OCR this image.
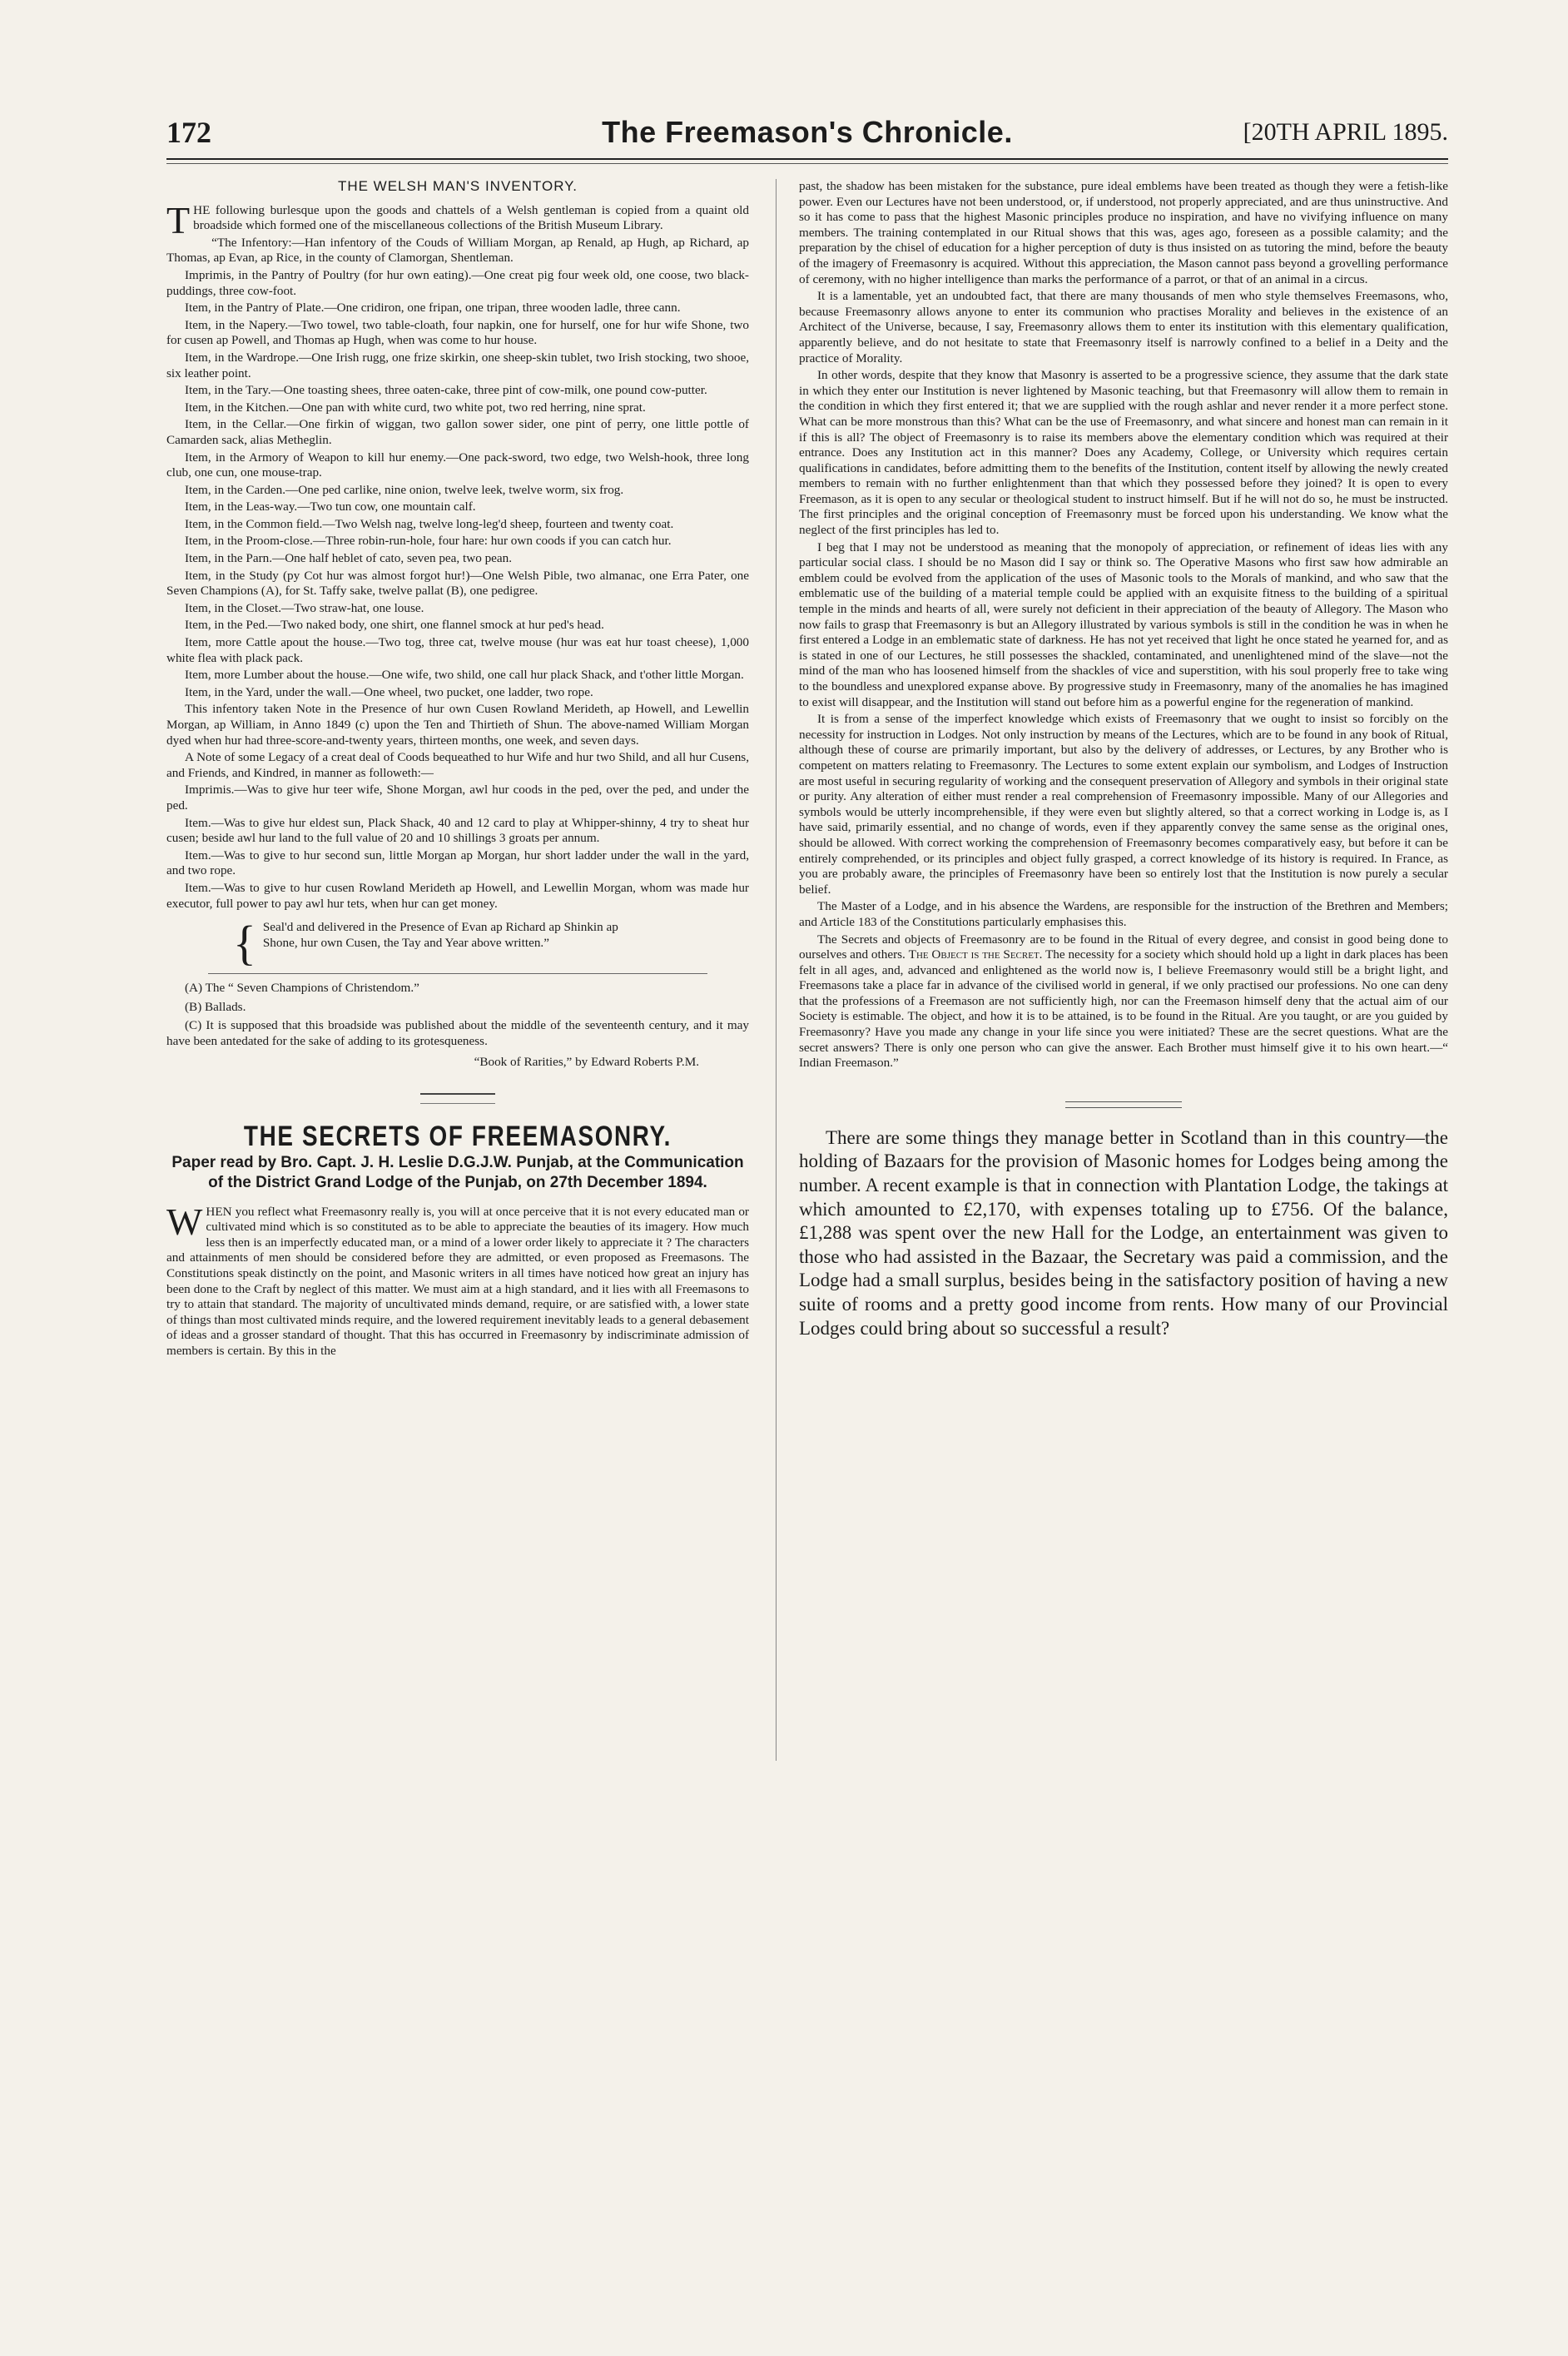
172	The Freemason's Chronicle.	[20TH APRIL 1895.
THE WELSH MAN'S INVENTORY.

THE following burlesque upon the goods and chattels of a Welsh gentleman is copied from a quaint old broadside which formed one of the miscellaneous collections of the British Museum Library.

“The Infentory:—Han infentory of the Couds of William Morgan, ap Renald, ap Hugh, ap Richard, ap Thomas, ap Evan, ap Rice, in the county of Clamorgan, Shentleman.

Imprimis, in the Pantry of Poultry (for hur own eating).—One creat pig four week old, one coose, two black-puddings, three cow-foot.

Item, in the Pantry of Plate.—One cridiron, one fripan, one tripan, three wooden ladle, three cann.

Item, in the Napery.—Two towel, two table-cloath, four napkin, one for hurself, one for hur wife Shone, two for cusen ap Powell, and Thomas ap Hugh, when was come to hur house.

Item, in the Wardrope.—One Irish rugg, one frize skirkin, one sheep-skin tublet, two Irish stocking, two shooe, six leather point.

Item, in the Tary.—One toasting shees, three oaten-cake, three pint of cow-milk, one pound cow-putter.

Item, in the Kitchen.—One pan with white curd, two white pot, two red herring, nine sprat.

Item, in the Cellar.—One firkin of wiggan, two gallon sower sider, one pint of perry, one little pottle of Camarden sack, alias Metheglin.

Item, in the Armory of Weapon to kill hur enemy.—One pack-sword, two edge, two Welsh-hook, three long club, one cun, one mouse-trap.

Item, in the Carden.—One ped carlike, nine onion, twelve leek, twelve worm, six frog.

Item, in the Leas-way.—Two tun cow, one mountain calf.

Item, in the Common field.—Two Welsh nag, twelve long-leg'd sheep, fourteen and twenty coat.

Item, in the Proom-close.—Three robin-run-hole, four hare: hur own coods if you can catch hur.

Item, in the Parn.—One half heblet of cato, seven pea, two pean.

Item, in the Study (py Cot hur was almost forgot hur!)—One Welsh Pible, two almanac, one Erra Pater, one Seven Champions (A), for St. Taffy sake, twelve pallat (B), one pedigree.

Item, in the Closet.—Two straw-hat, one louse.

Item, in the Ped.—Two naked body, one shirt, one flannel smock at hur ped's head.

Item, more Cattle apout the house.—Two tog, three cat, twelve mouse (hur was eat hur toast cheese), 1,000 white flea with plack pack.

Item, more Lumber about the house.—One wife, two shild, one call hur plack Shack, and t'other little Morgan.

Item, in the Yard, under the wall.—One wheel, two pucket, one ladder, two rope.

This infentory taken Note in the Presence of hur own Cusen Rowland Merideth, ap Howell, and Lewellin Morgan, ap William, in Anno 1849 (c) upon the Ten and Thirtieth of Shun. The above-named William Morgan dyed when hur had three-score-and-twenty years, thirteen months, one week, and seven days.

A Note of some Legacy of a creat deal of Coods bequeathed to hur Wife and hur two Shild, and all hur Cusens, and Friends, and Kindred, in manner as followeth:—

Imprimis.—Was to give hur teer wife, Shone Morgan, awl hur coods in the ped, over the ped, and under the ped.

Item.—Was to give hur eldest sun, Plack Shack, 40 and 12 card to play at Whipper-shinny, 4 try to sheat hur cusen; beside awl hur land to the full value of 20 and 10 shillings 3 groats per annum.

Item.—Was to give to hur second sun, little Morgan ap Morgan, hur short ladder under the wall in the yard, and two rope.

Item.—Was to give to hur cusen Rowland Merideth ap Howell, and Lewellin Morgan, whom was made hur executor, full power to pay awl hur tets, when hur can get money.

{ Seal'd and delivered in the Presence of Evan ap Richard ap Shinkin ap Shone, hur own Cusen, the Tay and Year above written.”

(A) The “ Seven Champions of Christendom.”

(B) Ballads.

(C) It is supposed that this broadside was published about the middle of the seventeenth century, and it may have been antedated for the sake of adding to its grotesqueness.

“Book of Rarities,” by Edward Roberts P.M.

THE SECRETS OF FREEMASONRY.
Paper read by Bro. Capt. J. H. Leslie D.G.J.W. Punjab, at the Communication of the District Grand Lodge of the Punjab, on 27th December 1894.

WHEN you reflect what Freemasonry really is, you will at once perceive that it is not every educated man or cultivated mind which is so constituted as to be able to appreciate the beauties of its imagery. How much less then is an imperfectly educated man, or a mind of a lower order likely to appreciate it ? The characters and attainments of men should be considered before they are admitted, or even proposed as Freemasons. The Constitutions speak distinctly on the point, and Masonic writers in all times have noticed how great an injury has been done to the Craft by neglect of this matter. We must aim at a high standard, and it lies with all Freemasons to try to attain that standard. The majority of uncultivated minds demand, require, or are satisfied with, a lower state of things than most cultivated minds require, and the lowered requirement inevitably leads to a general debasement of ideas and a grosser standard of thought. That this has occurred in Freemasonry by indiscriminate admission of members is certain. By this in the

past, the shadow has been mistaken for the substance, pure ideal emblems have been treated as though they were a fetish-like power. Even our Lectures have not been understood, or, if understood, not properly appreciated, and are thus uninstructive. And so it has come to pass that the highest Masonic principles produce no inspiration, and have no vivifying influence on many members. The training contemplated in our Ritual shows that this was, ages ago, foreseen as a possible calamity; and the preparation by the chisel of education for a higher perception of duty is thus insisted on as tutoring the mind, before the beauty of the imagery of Freemasonry is acquired. Without this appreciation, the Mason cannot pass beyond a grovelling performance of ceremony, with no higher intelligence than marks the performance of a parrot, or that of an animal in a circus.

It is a lamentable, yet an undoubted fact, that there are many thousands of men who style themselves Freemasons, who, because Freemasonry allows anyone to enter its communion who practises Morality and believes in the existence of an Architect of the Universe, because, I say, Freemasonry allows them to enter its institution with this elementary qualification, apparently believe, and do not hesitate to state that Freemasonry itself is narrowly confined to a belief in a Deity and the practice of Morality.

In other words, despite that they know that Masonry is asserted to be a progressive science, they assume that the dark state in which they enter our Institution is never lightened by Masonic teaching, but that Freemasonry will allow them to remain in the condition in which they first entered it; that we are supplied with the rough ashlar and never render it a more perfect stone. What can be more monstrous than this? What can be the use of Freemasonry, and what sincere and honest man can remain in it if this is all? The object of Freemasonry is to raise its members above the elementary condition which was required at their entrance. Does any Institution act in this manner? Does any Academy, College, or University which requires certain qualifications in candidates, before admitting them to the benefits of the Institution, content itself by allowing the newly created members to remain with no further enlightenment than that which they possessed before they joined? It is open to every Freemason, as it is open to any secular or theological student to instruct himself. But if he will not do so, he must be instructed. The first principles and the original conception of Freemasonry must be forced upon his understanding. We know what the neglect of the first principles has led to.

I beg that I may not be understood as meaning that the monopoly of appreciation, or refinement of ideas lies with any particular social class. I should be no Mason did I say or think so. The Operative Masons who first saw how admirable an emblem could be evolved from the application of the uses of Masonic tools to the Morals of mankind, and who saw that the emblematic use of the building of a material temple could be applied with an exquisite fitness to the building of a spiritual temple in the minds and hearts of all, were surely not deficient in their appreciation of the beauty of Allegory. The Mason who now fails to grasp that Freemasonry is but an Allegory illustrated by various symbols is still in the condition he was in when he first entered a Lodge in an emblematic state of darkness. He has not yet received that light he once stated he yearned for, and as is stated in one of our Lectures, he still possesses the shackled, contaminated, and unenlightened mind of the slave—not the mind of the man who has loosened himself from the shackles of vice and superstition, with his soul properly free to take wing to the boundless and unexplored expanse above. By progressive study in Freemasonry, many of the anomalies he has imagined to exist will disappear, and the Institution will stand out before him as a powerful engine for the regeneration of mankind.

It is from a sense of the imperfect knowledge which exists of Freemasonry that we ought to insist so forcibly on the necessity for instruction in Lodges. Not only instruction by means of the Lectures, which are to be found in any book of Ritual, although these of course are primarily important, but also by the delivery of addresses, or Lectures, by any Brother who is competent on matters relating to Freemasonry. The Lectures to some extent explain our symbolism, and Lodges of Instruction are most useful in securing regularity of working and the consequent preservation of Allegory and symbols in their original state or purity. Any alteration of either must render a real comprehension of Freemasonry impossible. Many of our Allegories and symbols would be utterly incomprehensible, if they were even but slightly altered, so that a correct working in Lodge is, as I have said, primarily essential, and no change of words, even if they apparently convey the same sense as the original ones, should be allowed. With correct working the comprehension of Freemasonry becomes comparatively easy, but before it can be entirely comprehended, or its principles and object fully grasped, a correct knowledge of its history is required. In France, as you are probably aware, the principles of Freemasonry have been so entirely lost that the Institution is now purely a secular belief.

The Master of a Lodge, and in his absence the Wardens, are responsible for the instruction of the Brethren and Members; and Article 183 of the Constitutions particularly emphasises this.

The Secrets and objects of Freemasonry are to be found in the Ritual of every degree, and consist in good being done to ourselves and others. The Object is the Secret. The necessity for a society which should hold up a light in dark places has been felt in all ages, and, advanced and enlightened as the world now is, I believe Freemasonry would still be a bright light, and Freemasons take a place far in advance of the civilised world in general, if we only practised our professions. No one can deny that the professions of a Freemason are not sufficiently high, nor can the Freemason himself deny that the actual aim of our Society is estimable. The object, and how it is to be attained, is to be found in the Ritual. Are you taught, or are you guided by Freemasonry? Have you made any change in your life since you were initiated? These are the secret questions. What are the secret answers? There is only one person who can give the answer. Each Brother must himself give it to his own heart.—“ Indian Freemason.”

There are some things they manage better in Scotland than in this country—the holding of Bazaars for the provision of Masonic homes for Lodges being among the number. A recent example is that in connection with Plantation Lodge, the takings at which amounted to £2,170, with expenses totaling up to £756. Of the balance, £1,288 was spent over the new Hall for the Lodge, an entertainment was given to those who had assisted in the Bazaar, the Secretary was paid a commission, and the Lodge had a small surplus, besides being in the satisfactory position of having a new suite of rooms and a pretty good income from rents. How many of our Provincial Lodges could bring about so successful a result?
